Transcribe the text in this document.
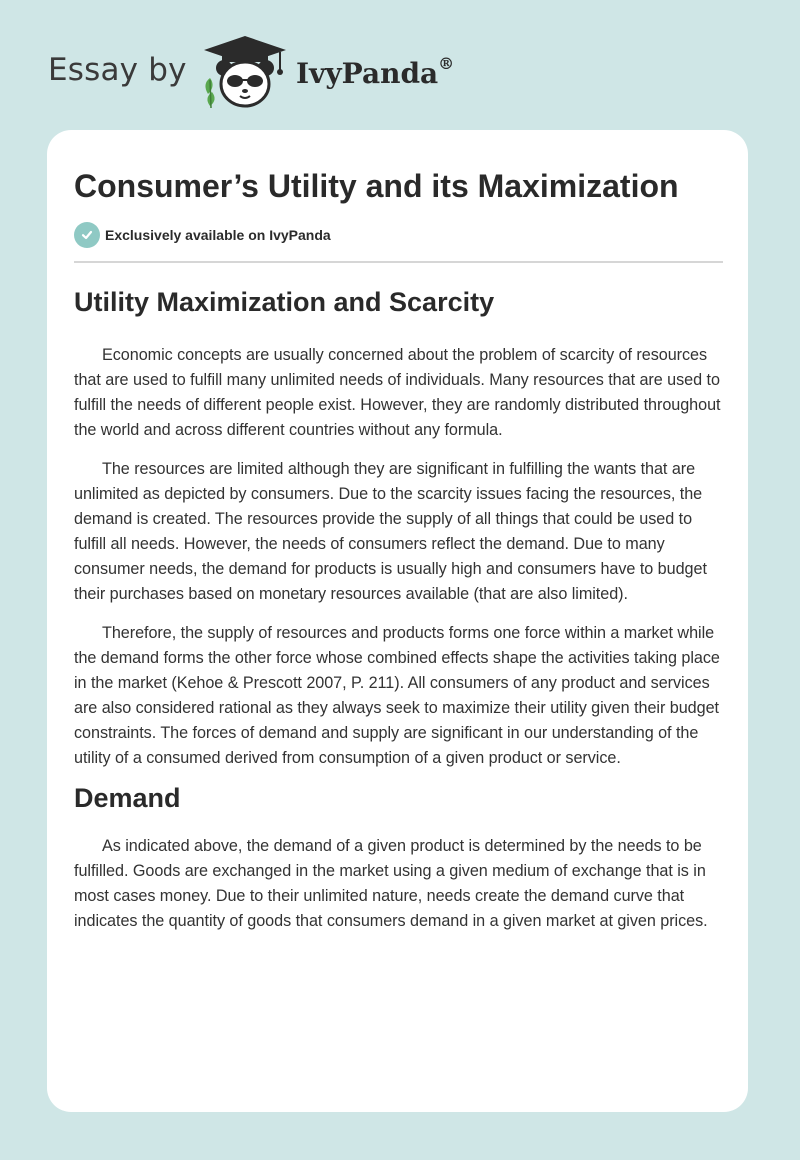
Essay by	IvyPanda®
Consumer’s Utility and its Maximization
Exclusively available on IvyPanda
Utility Maximization and Scarcity

Economic concepts are usually concerned about the problem of scarcity of resources that are used to fulfill many unlimited needs of individuals. Many resources that are used to fulfill the needs of different people exist. However, they are randomly distributed throughout the world and across different countries without any formula.

The resources are limited although they are significant in fulfilling the wants that are unlimited as depicted by consumers. Due to the scarcity issues facing the resources, the demand is created. The resources provide the supply of all things that could be used to fulfill all needs. However, the needs of consumers reflect the demand. Due to many consumer needs, the demand for products is usually high and consumers have to budget their purchases based on monetary resources available (that are also limited).

Therefore, the supply of resources and products forms one force within a market while the demand forms the other force whose combined effects shape the activities taking place in the market (Kehoe & Prescott 2007, P. 211). All consumers of any product and services are also considered rational as they always seek to maximize their utility given their budget constraints. The forces of demand and supply are significant in our understanding of the utility of a consumed derived from consumption of a given product or service.

Demand

As indicated above, the demand of a given product is determined by the needs to be fulfilled. Goods are exchanged in the market using a given medium of exchange that is in most cases money. Due to their unlimited nature, needs create the demand curve that indicates the quantity of goods that consumers demand in a given market at given prices.
